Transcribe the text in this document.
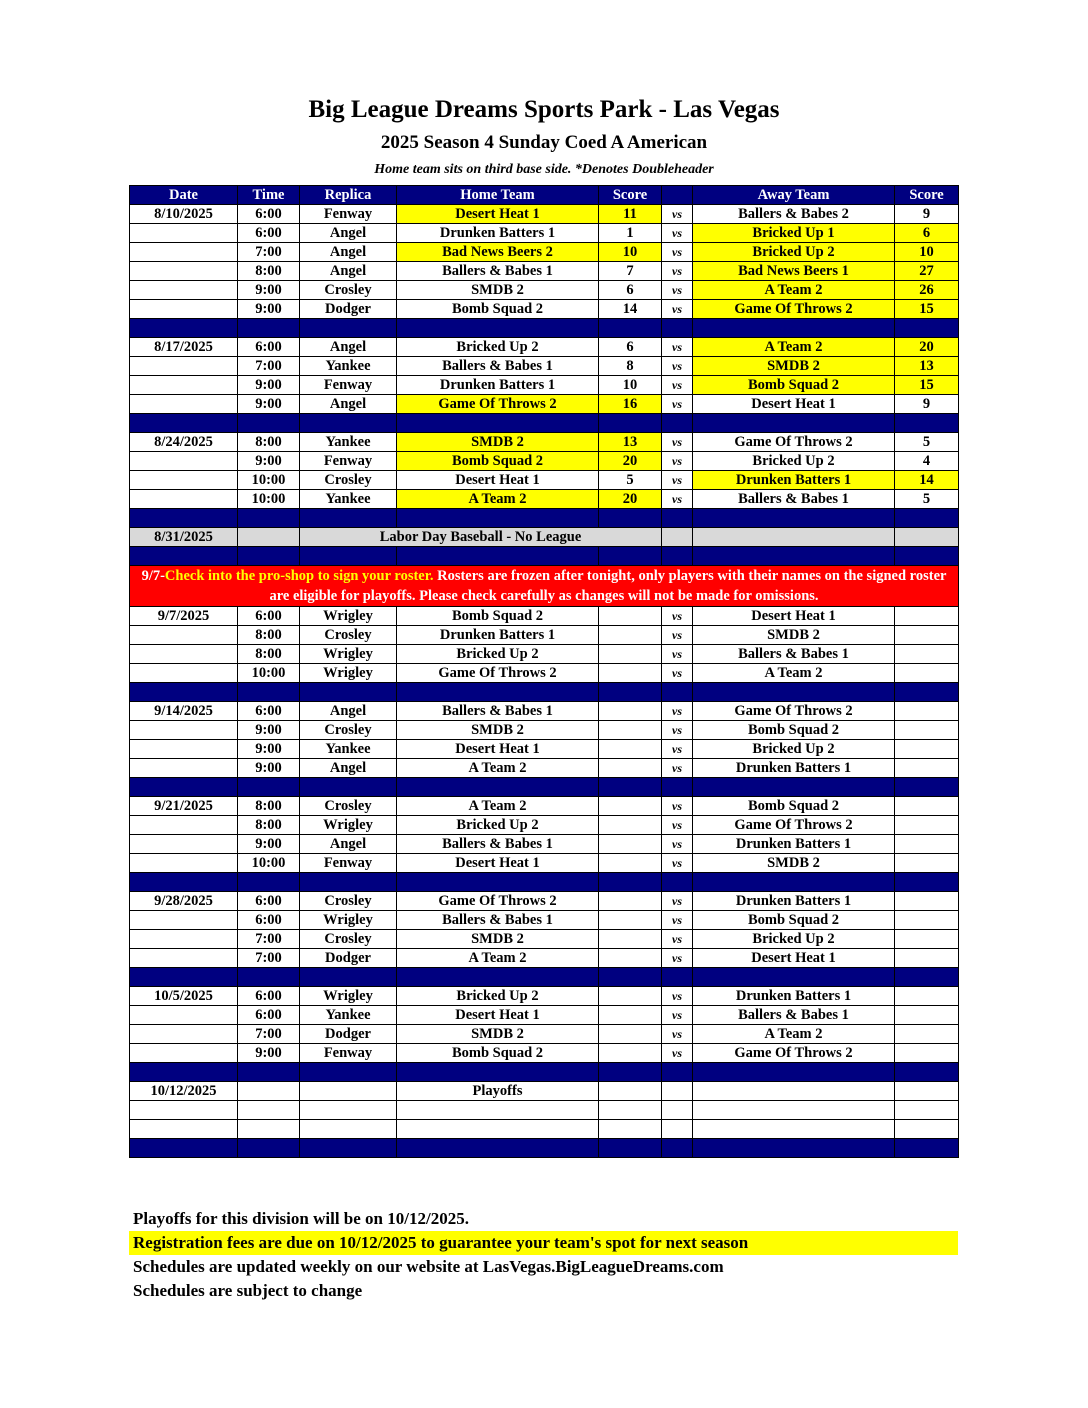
Big League Dreams Sports Park - Las Vegas
2025 Season 4 Sunday Coed A American
Home team sits on third base side. *Denotes Doubleheader
Date	Time	Replica	Home Team	Score		Away Team	Score
8/10/2025	6:00	Fenway	Desert Heat 1	11	vs	Ballers & Babes 2	9
	6:00	Angel	Drunken Batters 1	1	vs	Bricked Up 1	6
	7:00	Angel	Bad News Beers 2	10	vs	Bricked Up 2	10
	8:00	Angel	Ballers & Babes 1	7	vs	Bad News Beers 1	27
	9:00	Crosley	SMDB 2	6	vs	A Team 2	26
	9:00	Dodger	Bomb Squad 2	14	vs	Game Of Throws 2	15

8/17/2025	6:00	Angel	Bricked Up 2	6	vs	A Team 2	20
	7:00	Yankee	Ballers & Babes 1	8	vs	SMDB 2	13
	9:00	Fenway	Drunken Batters 1	10	vs	Bomb Squad 2	15
	9:00	Angel	Game Of Throws 2	16	vs	Desert Heat 1	9

8/24/2025	8:00	Yankee	SMDB 2	13	vs	Game Of Throws 2	5
	9:00	Fenway	Bomb Squad 2	20	vs	Bricked Up 2	4
	10:00	Crosley	Desert Heat 1	5	vs	Drunken Batters 1	14
	10:00	Yankee	A Team 2	20	vs	Ballers & Babes 1	5

8/31/2025		Labor Day Baseball - No League					

9/7-Check into the pro-shop to sign your roster. Rosters are frozen after tonight, only players with their names on the signed roster are eligible for playoffs. Please check carefully as changes will not be made for omissions.							
9/7/2025	6:00	Wrigley	Bomb Squad 2		vs	Desert Heat 1	
	8:00	Crosley	Drunken Batters 1		vs	SMDB 2	
	8:00	Wrigley	Bricked Up 2		vs	Ballers & Babes 1	
	10:00	Wrigley	Game Of Throws 2		vs	A Team 2	

9/14/2025	6:00	Angel	Ballers & Babes 1		vs	Game Of Throws 2	
	9:00	Crosley	SMDB 2		vs	Bomb Squad 2	
	9:00	Yankee	Desert Heat 1		vs	Bricked Up 2	
	9:00	Angel	A Team 2		vs	Drunken Batters 1	

9/21/2025	8:00	Crosley	A Team 2		vs	Bomb Squad 2	
	8:00	Wrigley	Bricked Up 2		vs	Game Of Throws 2	
	9:00	Angel	Ballers & Babes 1		vs	Drunken Batters 1	
	10:00	Fenway	Desert Heat 1		vs	SMDB 2	

9/28/2025	6:00	Crosley	Game Of Throws 2		vs	Drunken Batters 1	
	6:00	Wrigley	Ballers & Babes 1		vs	Bomb Squad 2	
	7:00	Crosley	SMDB 2		vs	Bricked Up 2	
	7:00	Dodger	A Team 2		vs	Desert Heat 1	

10/5/2025	6:00	Wrigley	Bricked Up 2		vs	Drunken Batters 1	
	6:00	Yankee	Desert Heat 1		vs	Ballers & Babes 1	
	7:00	Dodger	SMDB 2		vs	A Team 2	
	9:00	Fenway	Bomb Squad 2		vs	Game Of Throws 2	

10/12/2025			Playoffs				

Playoffs for this division will be on 10/12/2025.
Registration fees are due on 10/12/2025 to guarantee your team's spot for next season
Schedules are updated weekly on our website at LasVegas.BigLeagueDreams.com
Schedules are subject to change
